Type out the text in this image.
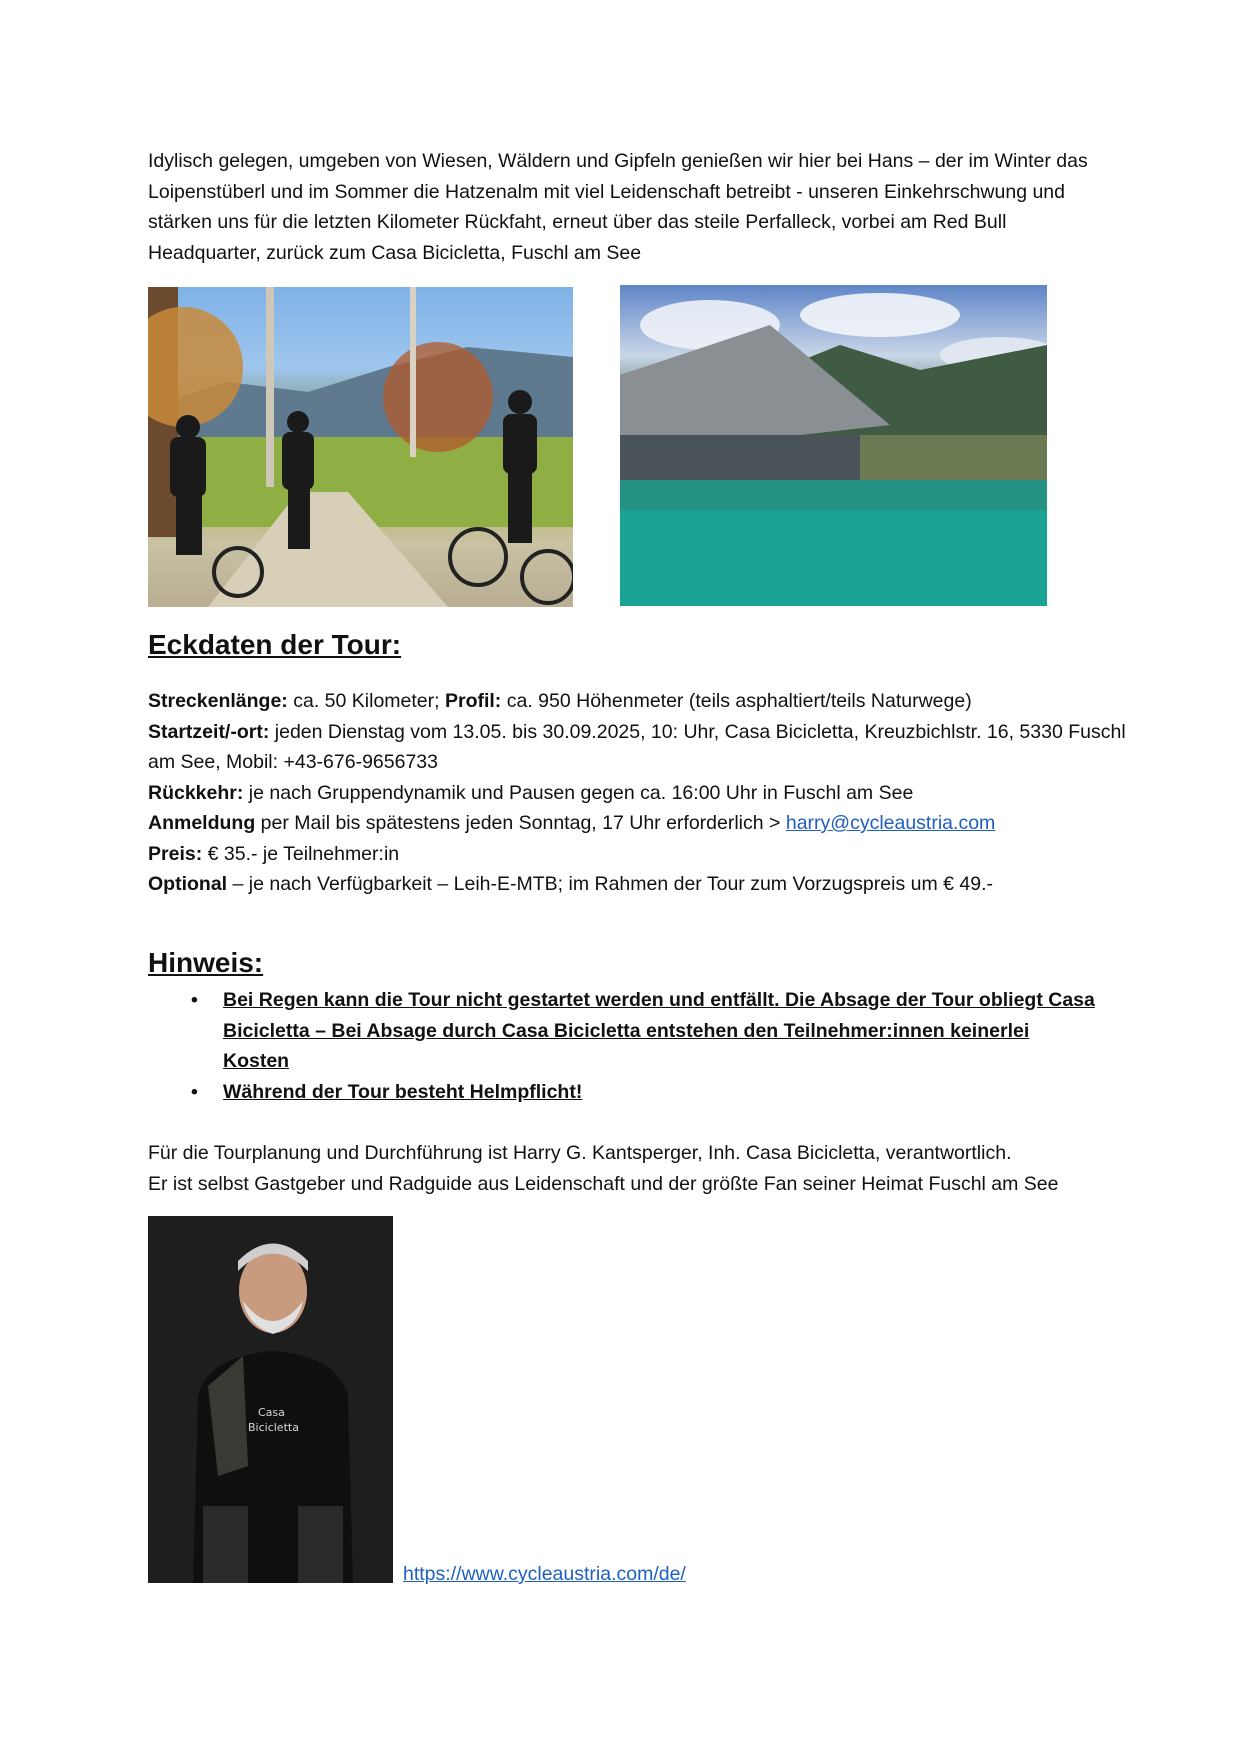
Idylisch gelegen, umgeben von Wiesen, Wäldern und Gipfeln genießen wir hier bei Hans – der im Winter das Loipenstüberl und im Sommer die Hatzenalm mit viel Leidenschaft betreibt - unseren Einkehrschwung und stärken uns für die letzten Kilometer Rückfaht, erneut über das steile Perfalleck, vorbei am Red Bull Headquarter, zurück zum Casa Bicicletta, Fuschl am See

Eckdaten der Tour:

Streckenlänge: ca. 50 Kilometer; Profil: ca. 950 Höhenmeter (teils asphaltiert/teils Naturwege)

Startzeit/-ort: jeden Dienstag vom 13.05. bis 30.09.2025, 10: Uhr, Casa Bicicletta, Kreuzbichlstr. 16, 5330 Fuschl am See, Mobil: +43-676-9656733

Rückkehr: je nach Gruppendynamik und Pausen gegen ca. 16:00 Uhr in Fuschl am See

Anmeldung per Mail bis spätestens jeden Sonntag, 17 Uhr erforderlich > harry@cycleaustria.com

Preis: € 35.- je Teilnehmer:in

Optional – je nach Verfügbarkeit – Leih-E-MTB; im Rahmen der Tour zum Vorzugspreis um € 49.-

Hinweis:
• Bei Regen kann die Tour nicht gestartet werden und entfällt. Die Absage der Tour obliegt Casa Bicicletta – Bei Absage durch Casa Bicicletta entstehen den Teilnehmer:innen keinerlei Kosten
• Während der Tour besteht Helmpflicht!

Für die Tourplanung und Durchführung ist Harry G. Kantsperger, Inh. Casa Bicicletta, verantwortlich.

Er ist selbst Gastgeber und Radguide aus Leidenschaft und der größte Fan seiner Heimat Fuschl am See

Casa
Bicicletta
https://www.cycleaustria.com/de/
